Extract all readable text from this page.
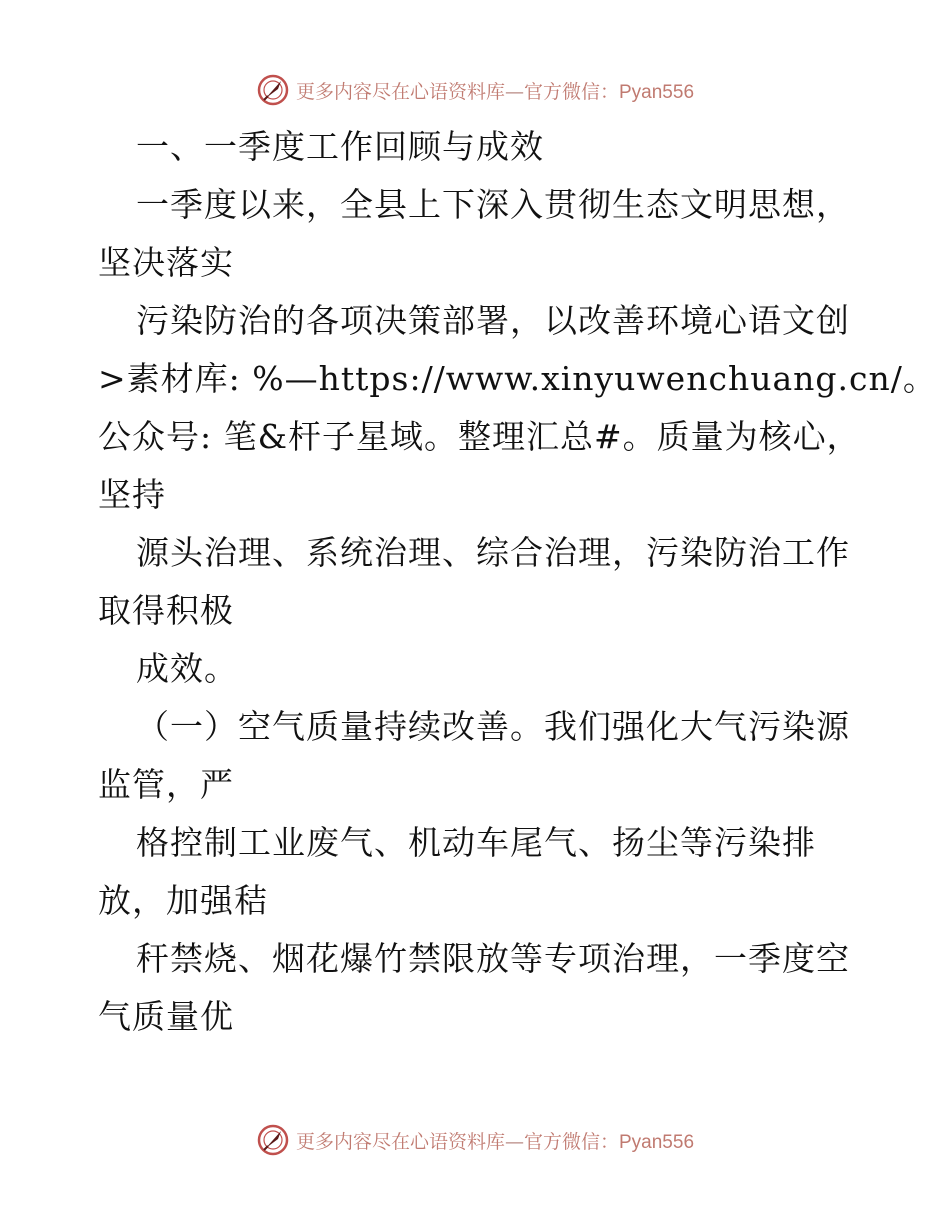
更多内容尽在心语资料库—官方微信：Pyan556
一、一季度工作回顾与成效
一季度以来，全县上下深入贯彻生态文明思想，
坚决落实
污染防治的各项决策部署，以改善环境心语文创
>素材库: %—https://www.xinyuwenchuang.cn/。
公众号: 笔&杆子星域。整理汇总#。质量为核心，
坚持
源头治理、系统治理、综合治理，污染防治工作
取得积极
成效。
（一）空气质量持续改善。我们强化大气污染源
监管，严
格控制工业废气、机动车尾气、扬尘等污染排
放，加强秸
秆禁烧、烟花爆竹禁限放等专项治理，一季度空
气质量优
更多内容尽在心语资料库—官方微信：Pyan556
